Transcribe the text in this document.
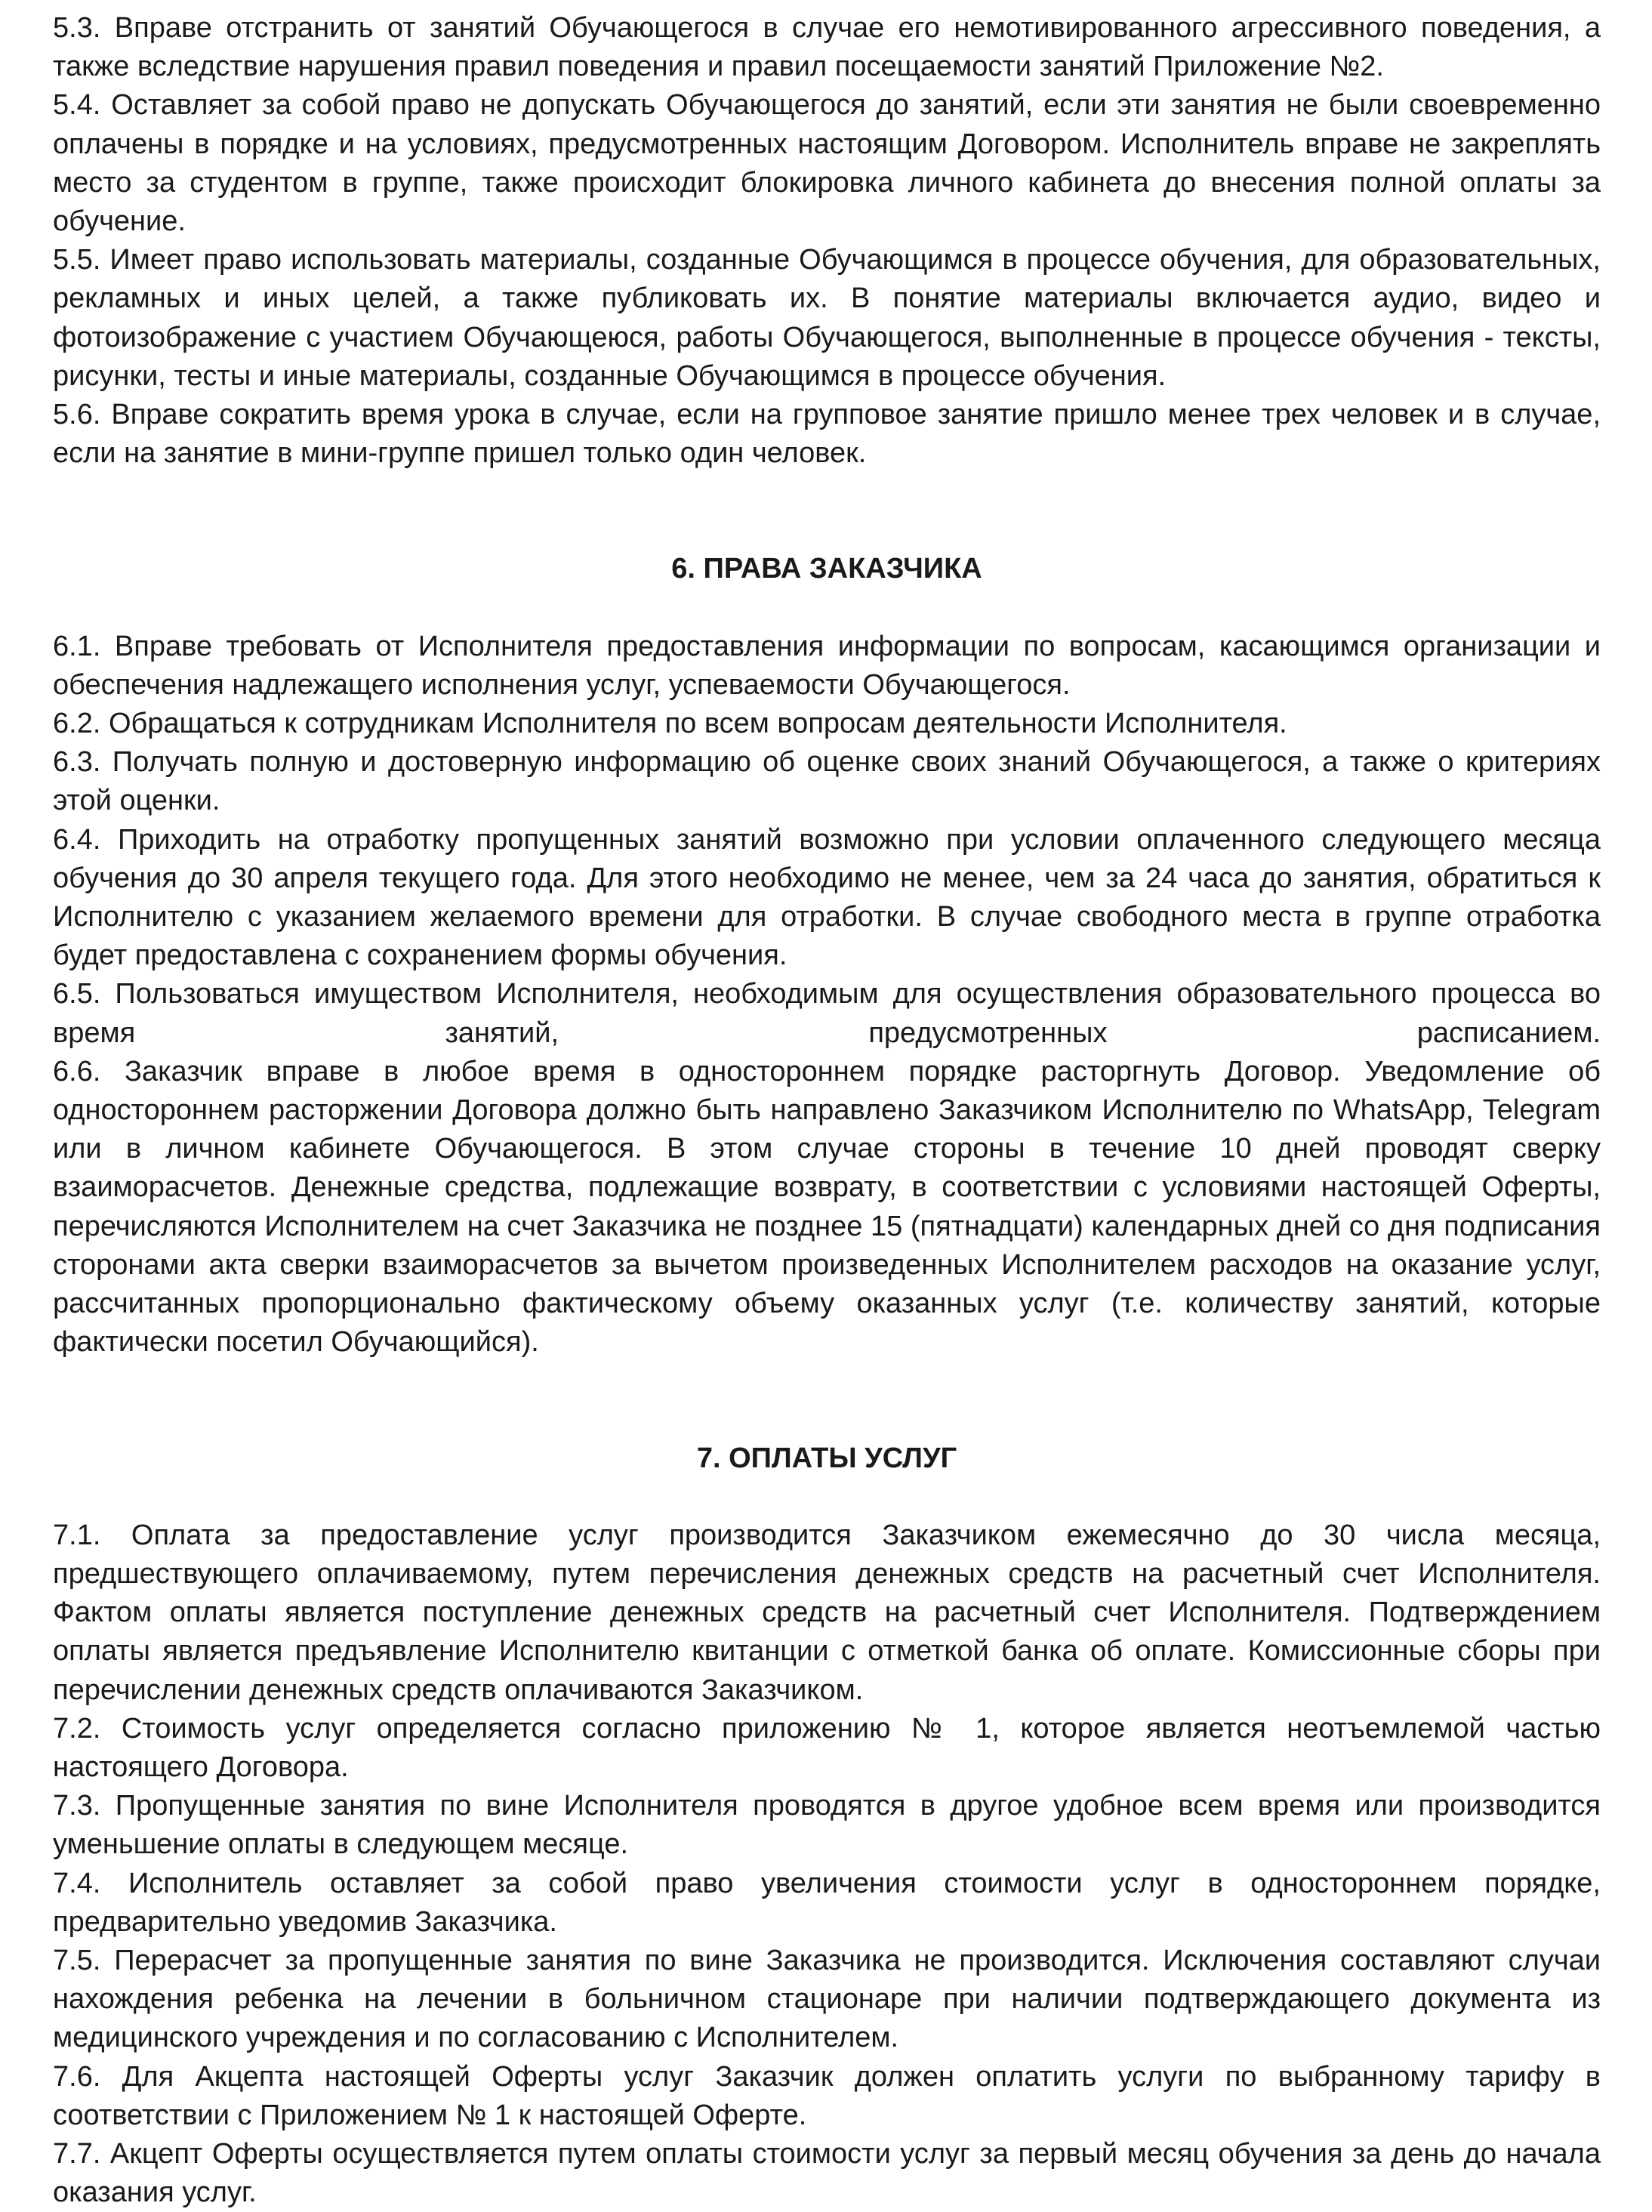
5.3. Вправе отстранить от занятий Обучающегося в случае его немотивированного агрессивного поведения, а также вследствие нарушения правил поведения и правил посещаемости занятий Приложение №2.

5.4. Оставляет за собой право не допускать Обучающегося до занятий, если эти занятия не были своевременно оплачены в порядке и на условиях, предусмотренных настоящим Договором. Исполнитель вправе не закреплять место за студентом в группе, также происходит блокировка личного кабинета до внесения полной оплаты за обучение.

5.5. Имеет право использовать материалы, созданные Обучающимся в процессе обучения, для образовательных, рекламных и иных целей, а также публиковать их. В понятие материалы включается аудио, видео и фотоизображение с участием Обучающеюся, работы Обучающегося, выполненные в процессе обучения - тексты, рисунки, тесты и иные материалы, созданные Обучающимся в процессе обучения.

5.6. Вправе сократить время урока в случае, если на групповое занятие пришло менее трех человек и в случае, если на занятие в мини-группе пришел только один человек.

6. ПРАВА ЗАКАЗЧИКА

6.1. Вправе требовать от Исполнителя предоставления информации по вопросам, касающимся организации и обеспечения надлежащего исполнения услуг, успеваемости Обучающегося.

6.2. Обращаться к сотрудникам Исполнителя по всем вопросам деятельности Исполнителя.

6.3. Получать полную и достоверную информацию об оценке своих знаний Обучающегося, а также о критериях этой оценки.

6.4. Приходить на отработку пропущенных занятий возможно при условии оплаченного следующего месяца обучения до 30 апреля текущего года. Для этого необходимо не менее, чем за 24 часа до занятия, обратиться к Исполнителю с указанием желаемого времени для отработки. В случае свободного места в группе отработка будет предоставлена с сохранением формы обучения.

6.5. Пользоваться имуществом Исполнителя, необходимым для осуществления образовательного процесса во время занятий, предусмотренных расписанием.

6.6. Заказчик вправе в любое время в одностороннем порядке расторгнуть Договор. Уведомление об одностороннем расторжении Договора должно быть направлено Заказчиком Исполнителю по WhatsApp, Telegram или в личном кабинете Обучающегося. В этом случае стороны в течение 10 дней проводят сверку взаиморасчетов. Денежные средства, подлежащие возврату, в соответствии с условиями настоящей Оферты, перечисляются Исполнителем на счет Заказчика не позднее 15 (пятнадцати) календарных дней со дня подписания сторонами акта сверки взаиморасчетов за вычетом произведенных Исполнителем расходов на оказание услуг, рассчитанных пропорционально фактическому объему оказанных услуг (т.е. количеству занятий, которые фактически посетил Обучающийся).

7. ОПЛАТЫ УСЛУГ

7.1. Оплата за предоставление услуг производится Заказчиком ежемесячно до 30 числа месяца, предшествующего оплачиваемому, путем перечисления денежных средств на расчетный счет Исполнителя. Фактом оплаты является поступление денежных средств на расчетный счет Исполнителя. Подтверждением оплаты является предъявление Исполнителю квитанции с отметкой банка об оплате. Комиссионные сборы при перечислении денежных средств оплачиваются Заказчиком.

7.2. Стоимость услуг определяется согласно приложению № 1, которое является неотъемлемой частью настоящего Договора.

7.3. Пропущенные занятия по вине Исполнителя проводятся в другое удобное всем время или производится уменьшение оплаты в следующем месяце.

7.4. Исполнитель оставляет за собой право увеличения стоимости услуг в одностороннем порядке, предварительно уведомив Заказчика.

7.5. Перерасчет за пропущенные занятия по вине Заказчика не производится. Исключения составляют случаи нахождения ребенка на лечении в больничном стационаре при наличии подтверждающего документа из медицинского учреждения и по согласованию с Исполнителем.

7.6. Для Акцепта настоящей Оферты услуг Заказчик должен оплатить услуги по выбранному тарифу в соответствии с Приложением № 1 к настоящей Оферте.

7.7. Акцепт Оферты осуществляется путем оплаты стоимости услуг за первый месяц обучения за день до начала оказания услуг.
